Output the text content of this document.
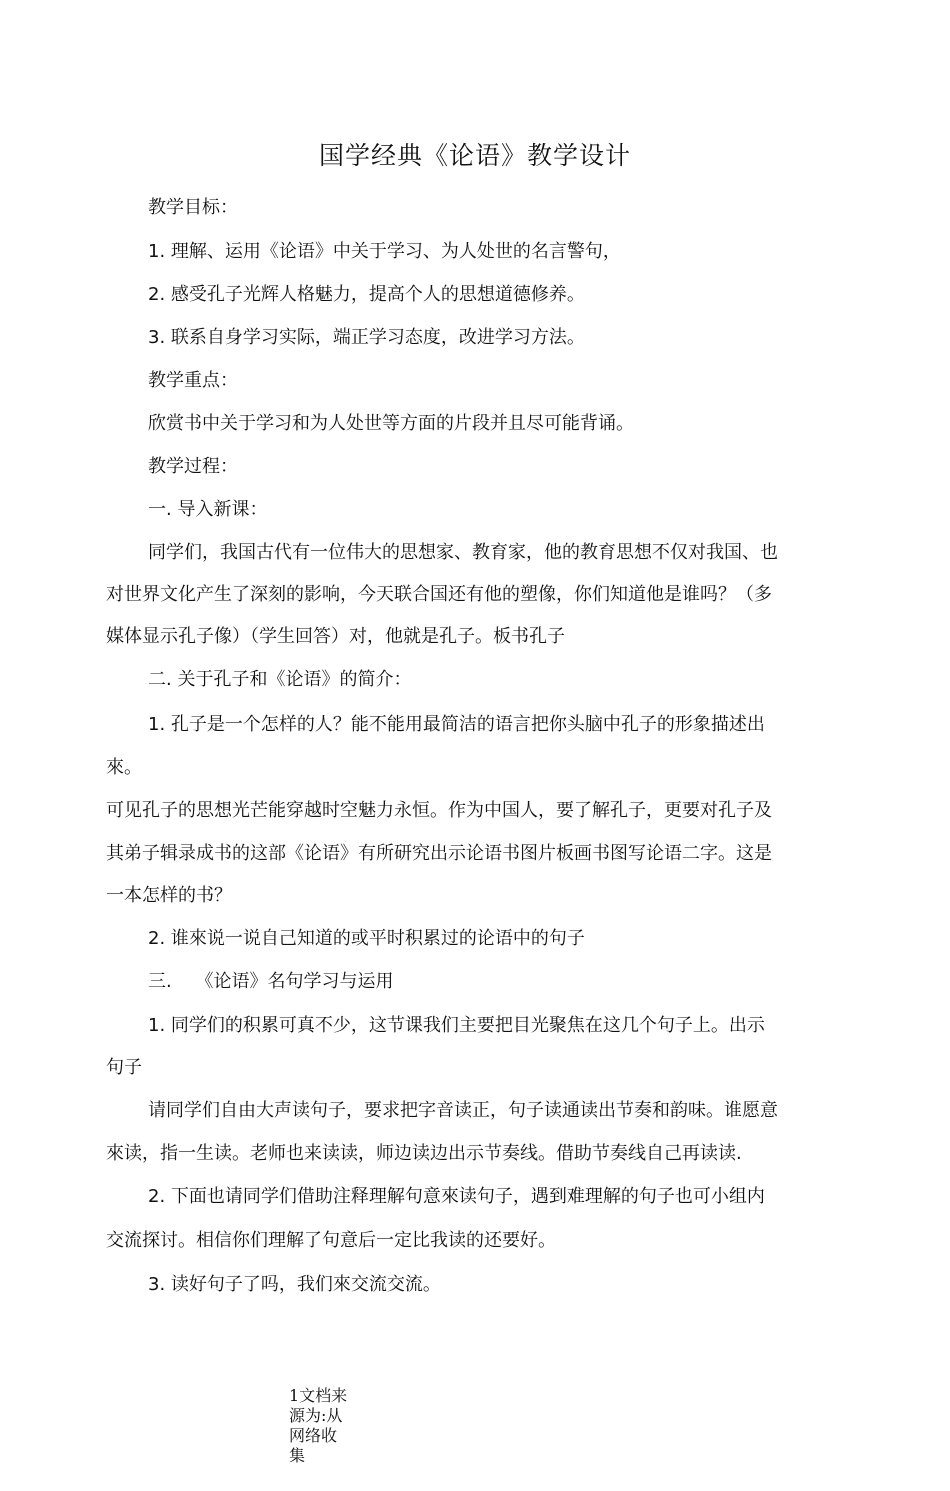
国学经典《论语》教学设计
教学目标：
1. 理解、运用《论语》中关于学习、为人处世的名言警句，
2. 感受孔子光辉人格魅力，提高个人的思想道德修养。
3. 联系自身学习实际，端正学习态度，改进学习方法。
教学重点：
欣赏书中关于学习和为人处世等方面的片段并且尽可能背诵。
教学过程：
一. 导入新课：
同学们，我国古代有一位伟大的思想家、教育家，他的教育思想不仅对我国、也
对世界文化产生了深刻的影响，今天联合国还有他的塑像，你们知道他是谁吗？（多
媒体显示孔子像）（学生回答）对，他就是孔子。板书孔子
二. 关于孔子和《论语》的简介：
1. 孔子是一个怎样的人？能不能用最简洁的语言把你头脑中孔子的形象描述出
來。
可见孔子的思想光芒能穿越时空魅力永恒。作为中国人，要了解孔子，更要对孔子及
其弟子辑录成书的这部《论语》有所研究出示论语书图片板画书图写论语二字。这是
一本怎样的书？
2. 谁來说一说自己知道的或平时积累过的论语中的句子
三.　 《论语》名句学习与运用
1. 同学们的积累可真不少，这节课我们主要把目光聚焦在这几个句子上。出示
句子
请同学们自由大声读句子，要求把字音读正，句子读通读出节奏和韵味。谁愿意
來读，指一生读。老师也来读读，师边读边出示节奏线。借助节奏线自己再读读.
2. 下面也请同学们借助注释理解句意來读句子，遇到难理解的句子也可小组内
交流探讨。相信你们理解了句意后一定比我读的还要好。
3. 读好句子了吗，我们來交流交流。
1文档来源为:从网络收集
